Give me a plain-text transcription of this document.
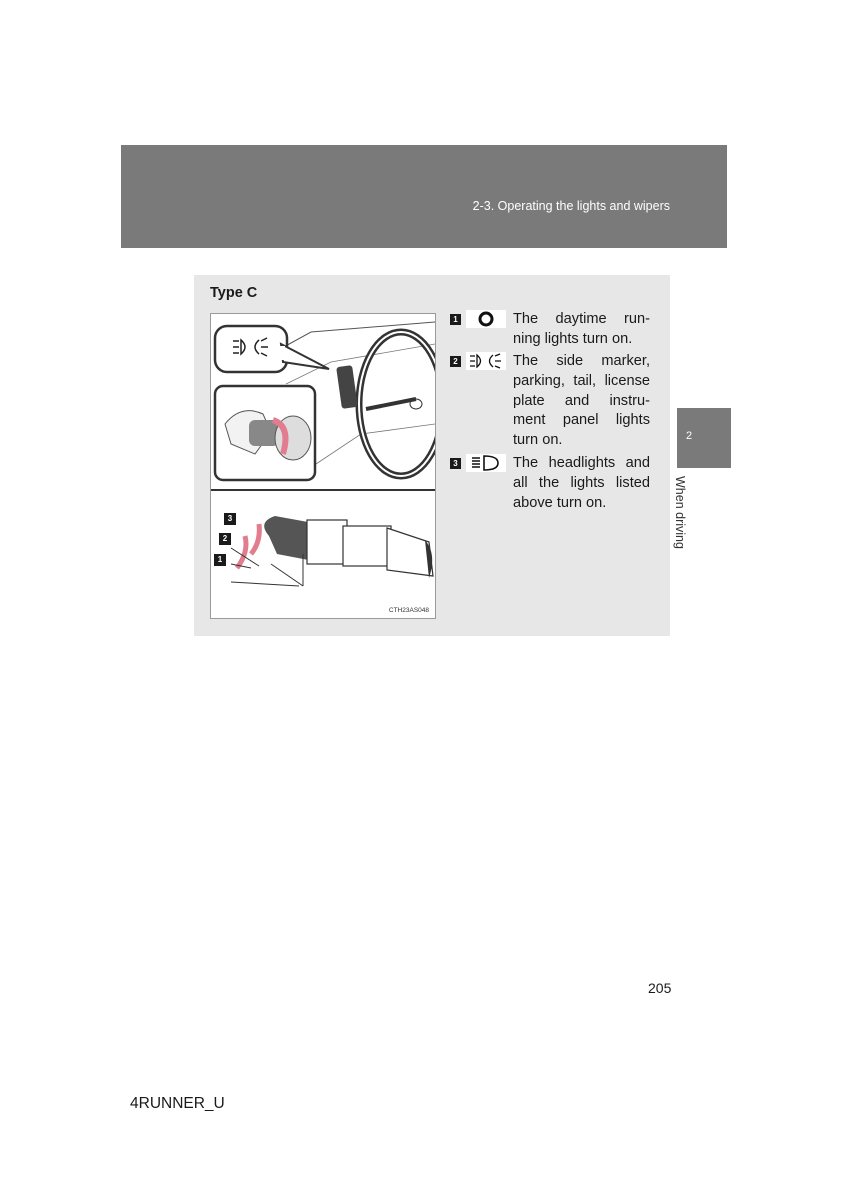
2-3. Operating the lights and wipers
2
When driving
Type C
3
2
1
CTH23AS048
1	The daytime run-ning lights turn on.
2	The side marker, parking, tail, license plate and instru-ment panel lights turn on.
3	The headlights and all the lights listed above turn on.
205
4RUNNER_U
